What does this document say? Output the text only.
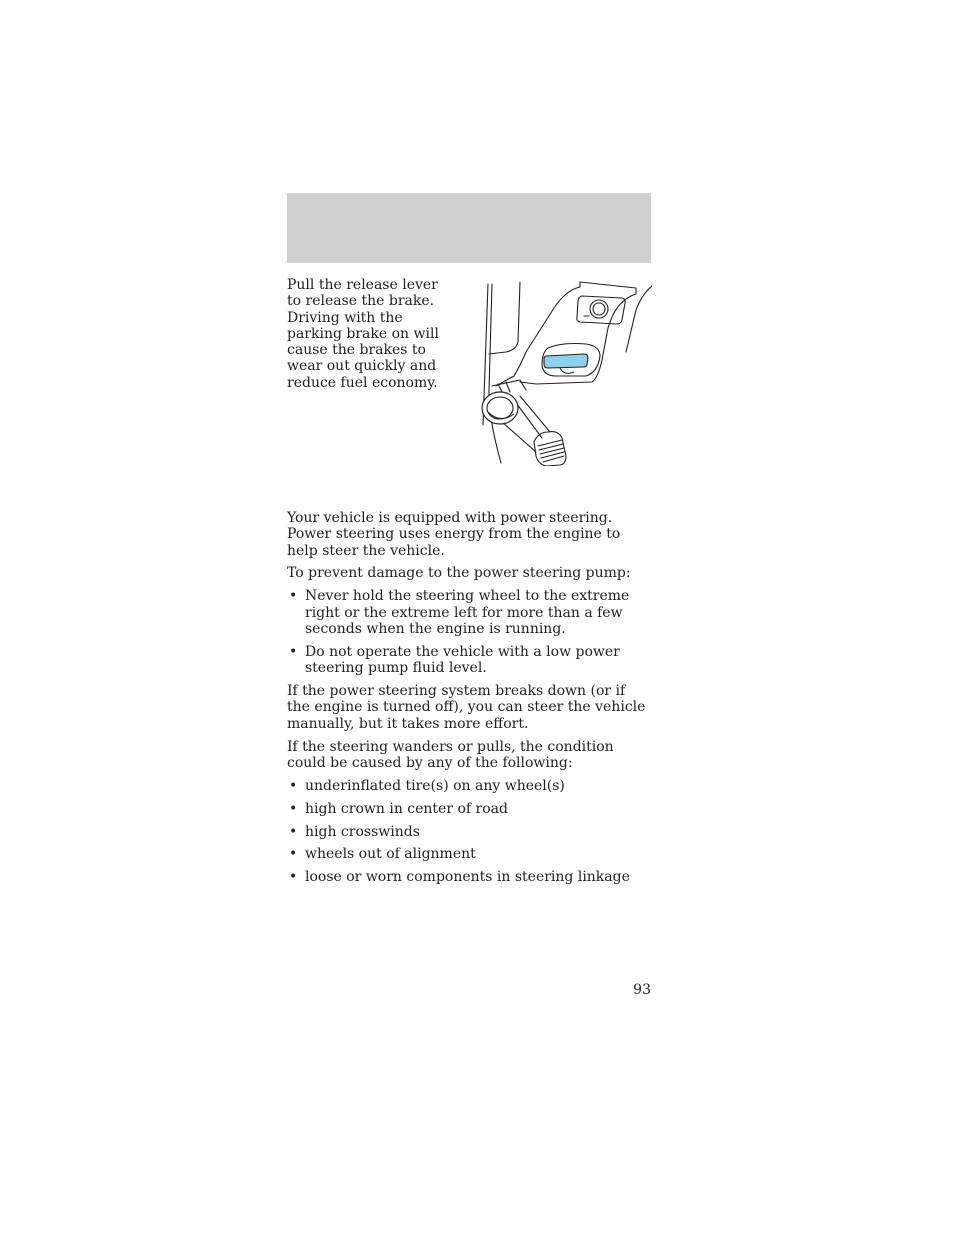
Pull the release lever to release the brake. Driving with the parking brake on will cause the brakes to wear out quickly and reduce fuel economy.

Your vehicle is equipped with power steering. Power steering uses energy from the engine to help steer the vehicle.

To prevent damage to the power steering pump:

• Never hold the steering wheel to the extreme right or the extreme left for more than a few seconds when the engine is running.
• Do not operate the vehicle with a low power steering pump fluid level.

If the power steering system breaks down (or if the engine is turned off), you can steer the vehicle manually, but it takes more effort.

If the steering wanders or pulls, the condition could be caused by any of the following:

• underinflated tire(s) on any wheel(s)
• high crown in center of road
• high crosswinds
• wheels out of alignment
• loose or worn components in steering linkage
93
